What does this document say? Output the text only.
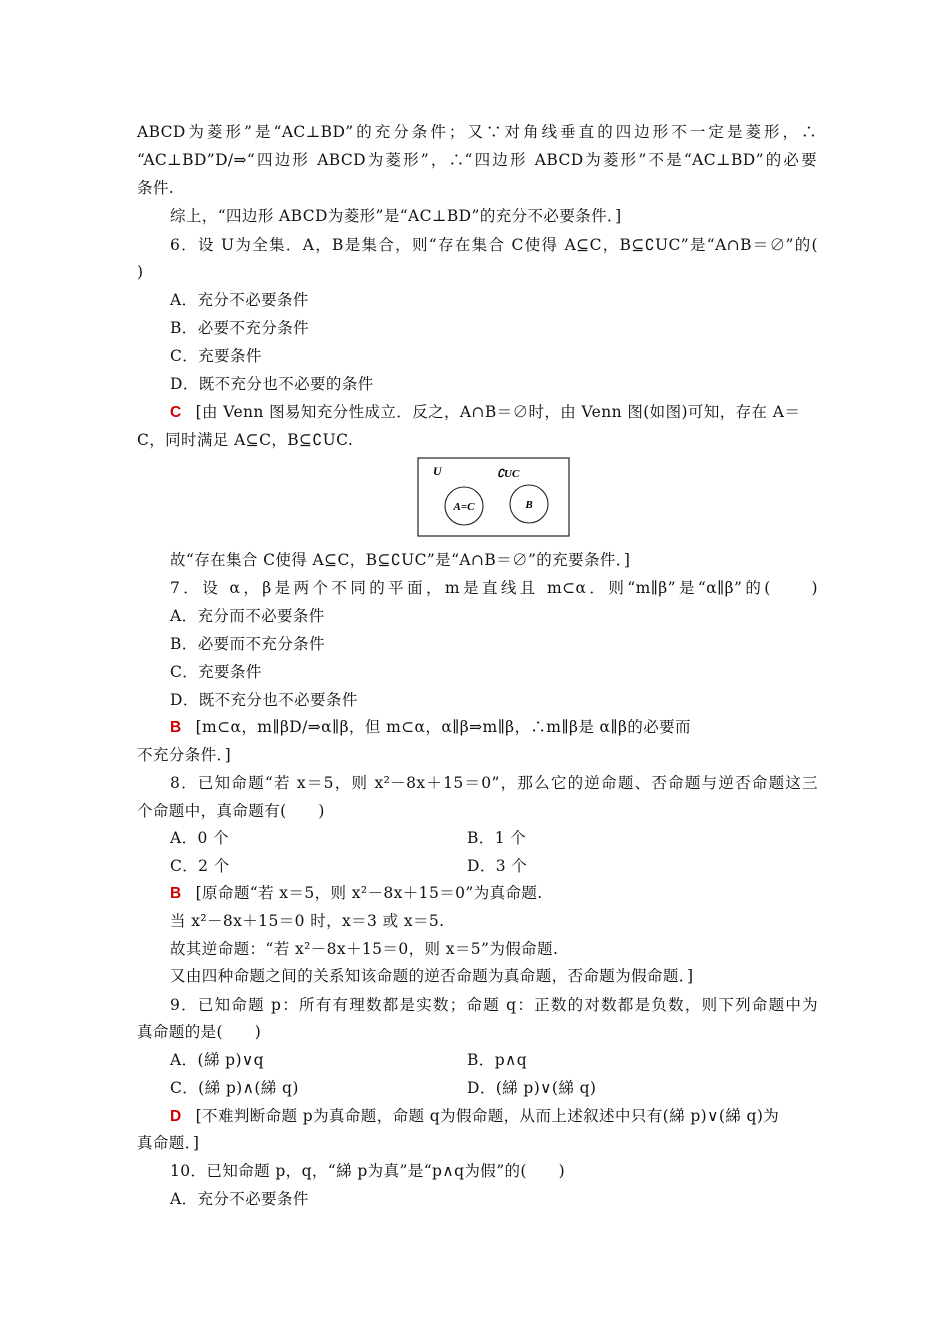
ABCD为菱形”是“AC⊥BD”的充分条件；又∵对角线垂直的四边形不一定是菱形，∴
“AC⊥BD”D/⇒“四边形 ABCD为菱形”，∴“四边形 ABCD为菱形”不是“AC⊥BD”的必要
条件.
综上，“四边形 ABCD为菱形”是“AC⊥BD”的充分不必要条件．]
6．设 U为全集．A，B是集合，则“存在集合 C使得 A⊆C，B⊆∁UC”是“A∩B＝∅”的(
)
A．充分不必要条件
B．必要不充分条件
C．充要条件
D．既不充分也不必要的条件
C [由 Venn 图易知充分性成立．反之，A∩B＝∅时，由 Venn 图(如图)可知，存在 A＝
C，同时满足 A⊆C，B⊆∁UC.
U	∁UC
A=C	B
故“存在集合 C使得 A⊆C，B⊆∁UC”是“A∩B＝∅”的充要条件．]
7．设 α，β是两个不同的平面，m是直线且 m⊂α．则“m∥β”是“α∥β”的(　　)
A．充分而不必要条件
B．必要而不充分条件
C．充要条件
D．既不充分也不必要条件
B [m⊂α，m∥βD/⇒α∥β，但 m⊂α，α∥β⇒m∥β，∴m∥β是 α∥β的必要而
不充分条件．]
8．已知命题“若 x＝5，则 x²－8x＋15＝0”，那么它的逆命题、否命题与逆否命题这三
个命题中，真命题有(　　)
A．0 个	B．1 个
C．2 个	D．3 个
B [原命题“若 x＝5，则 x²－8x＋15＝0”为真命题.
当 x²－8x＋15＝0 时，x＝3 或 x＝5.
故其逆命题：“若 x²－8x＋15＝0，则 x＝5”为假命题.
又由四种命题之间的关系知该命题的逆否命题为真命题，否命题为假命题．]
9．已知命题 p：所有有理数都是实数；命题 q：正数的对数都是负数，则下列命题中为
真命题的是(　　)
A．(綈 p)∨q	B．p∧q
C．(綈 p)∧(綈 q)	D．(綈 p)∨(綈 q)
D [不难判断命题 p为真命题，命题 q为假命题，从而上述叙述中只有(綈 p)∨(綈 q)为
真命题．]
10．已知命题 p，q，“綈 p为真”是“p∧q为假”的(　　)
A．充分不必要条件
